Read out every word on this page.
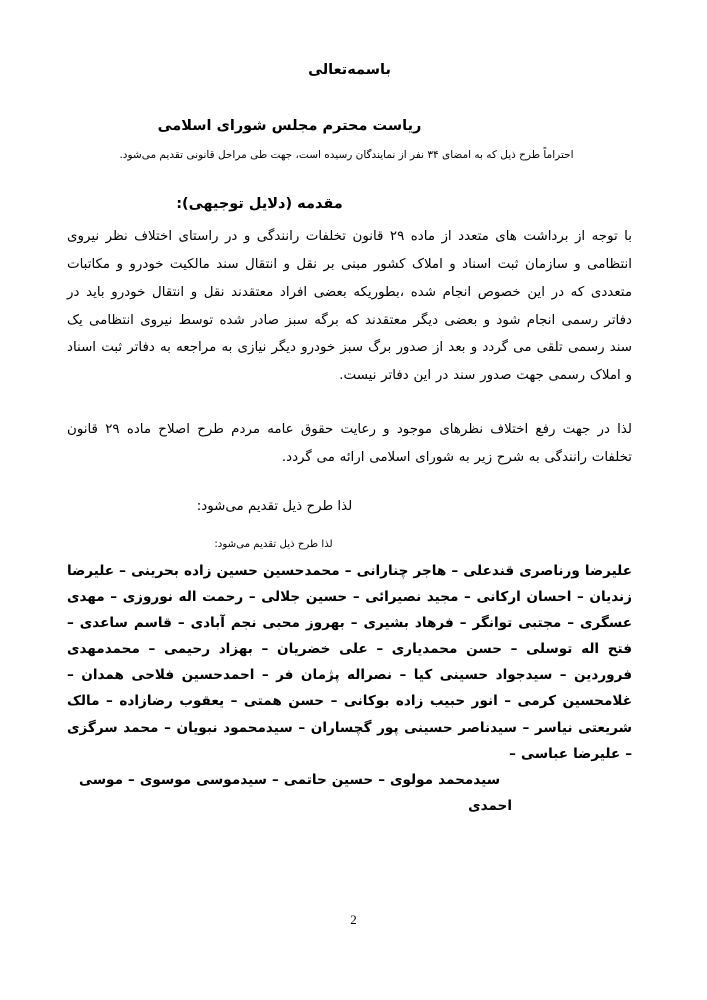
باسمه‌تعالی
ریاست محترم مجلس شورای اسلامی
احتراماً طرح ذیل که به امضای ۳۴ نفر از نمایندگان رسیده است، جهت طی مراحل قانونی تقدیم می‌شود.
مقدمه (دلایل توجیهی):
با توجه از برداشت های متعدد از ماده ۲۹ قانون تخلفات رانندگی و در راستای اختلاف نظر نیروی انتظامی و سازمان ثبت اسناد و املاک کشور مبنی بر نقل و انتقال سند مالکیت خودرو و مکاتبات متعددی که در این خصوص انجام شده ،بطوریکه بعضی افراد معتقدند نقل و انتقال خودرو باید در دفاتر رسمی انجام شود و بعضی دیگر معتقدند که برگه سبز صادر شده توسط نیروی انتظامی یک سند رسمی تلقی می گردد و بعد از صدور برگ سبز خودرو دیگر نیازی به مراجعه به دفاتر ثبت اسناد و املاک رسمی جهت صدور سند در این دفاتر نیست.
لذا در جهت رفع اختلاف نظرهای موجود و رعایت حقوق عامه مردم طرح اصلاح ماده ۲۹ قانون تخلفات رانندگی به شرح زیر به شورای اسلامی ارائه می گردد.
لذا طرح ذیل تقدیم می‌شود:
لذا طرح ذیل تقدیم می‌شود:
علیرضا ورناصری قندعلی – هاجر چنارانی – محمدحسین حسین زاده بحرینی – علیرضا زندیان – احسان ارکانی – مجید نصیرائی – حسین جلالی – رحمت اله نوروزی – مهدی عسگری – مجتبی توانگر – فرهاد بشیری – بهروز محبی نجم آبادی – قاسم ساعدی – فتح اله توسلی – حسن محمدیاری – علی خضریان – بهزاد رحیمی – محمدمهدی فروردین – سیدجواد حسینی کیا – نصراله پژمان فر – احمدحسین فلاحی همدان – غلامحسین کرمی – انور حبیب زاده بوکانی – حسن همتی – یعقوب رضازاده – مالک شریعتی نیاسر – سیدناصر حسینی پور گچساران – سیدمحمود نبویان – محمد سرگزی – علیرضا عباسی –
سیدمحمد مولوی – حسین حاتمی – سیدموسی موسوی – موسی احمدی
2
